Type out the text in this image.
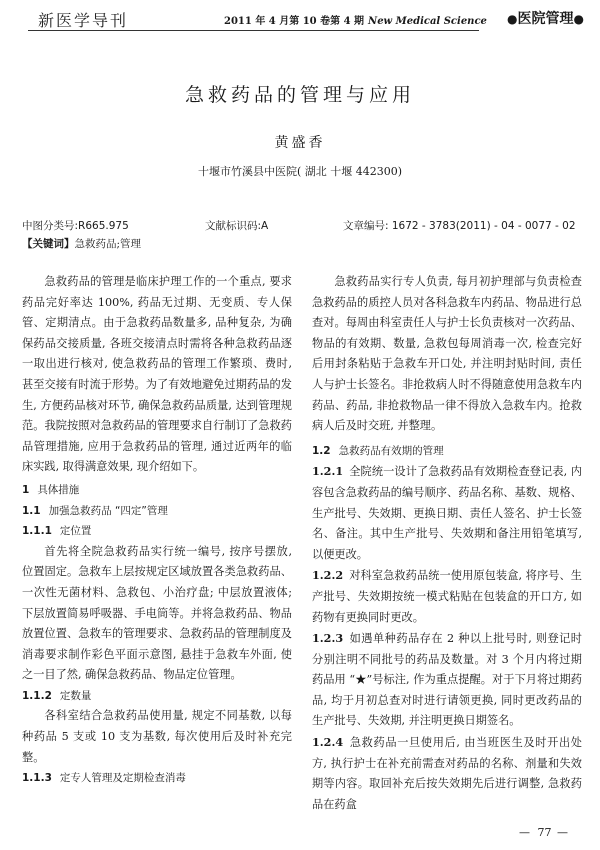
新医学导刊	2011 年 4 月第 10 卷第 4 期 New Medical Science ●医院管理●
急救药品的管理与应用
黄盛香
十堰市竹溪县中医院( 湖北 十堰 442300)
中图分类号:R665.975	文献标识码:A	文章编号: 1672 - 3783(2011) - 04 - 0077 - 02
【关键词】急救药品;管理

急救药品的管理是临床护理工作的一个重点, 要求药品完好率达 100%, 药品无过期、无变质、专人保管、定期清点。由于急救药品数量多, 品种复杂, 为确保药品交接质量, 各班交接清点时需将各种急救药品逐一取出进行核对, 使急救药品的管理工作繁琐、费时, 甚至交接有时流于形势。为了有效地避免过期药品的发生, 方便药品核对环节, 确保急救药品质量, 达到管理规范。我院按照对急救药品的管理要求自行制订了急救药品管理措施, 应用于急救药品的管理, 通过近两年的临床实践, 取得满意效果, 现介绍如下。

1 具体措施
1.1 加强急救药品 “四定”管理
1.1.1 定位置

首先将全院急救药品实行统一编号, 按序号摆放, 位置固定。急救车上层按规定区域放置各类急救药品、一次性无菌材料、急救包、小治疗盘; 中层放置液体; 下层放置简易呼吸器、手电筒等。并将急救药品、物品放置位置、急救车的管理要求、急救药品的管理制度及消毒要求制作彩色平面示意图, 悬挂于急救车外面, 使之一目了然, 确保急救药品、物品定位管理。

1.1.2 定数量

各科室结合急救药品使用量, 规定不同基数, 以每种药品 5 支或 10 支为基数, 每次使用后及时补充完整。

1.1.3 定专人管理及定期检查消毒

急救药品实行专人负责, 每月初护理部与负责检查急救药品的质控人员对各科急救车内药品、物品进行总查对。每周由科室责任人与护士长负责核对一次药品、物品的有效期、数量, 急救包每周消毒一次, 检查完好后用封条粘贴于急救车开口处, 并注明封贴时间, 责任人与护士长签名。非抢救病人时不得随意使用急救车内药品、药品, 非抢救物品一律不得放入急救车内。抢救病人后及时交班, 并整理。

1.2 急救药品有效期的管理

1.2.1 全院统一设计了急救药品有效期检查登记表, 内容包含急救药品的编号顺序、药品名称、基数、规格、生产批号、失效期、更换日期、责任人签名、护士长签名、备注。其中生产批号、失效期和备注用铅笔填写, 以便更改。

1.2.2 对科室急救药品统一使用原包装盒, 将序号、生产批号、失效期按统一模式粘贴在包装盒的开口方, 如药物有更换同时更改。

1.2.3 如遇单种药品存在 2 种以上批号时, 则登记时分别注明不同批号的药品及数量。对 3 个月内将过期药品用 “★”号标注, 作为重点提醒。对于下月将过期药品, 均于月初总查对时进行请领更换, 同时更改药品的生产批号、失效期, 并注明更换日期签名。

1.2.4 急救药品一旦使用后, 由当班医生及时开出处方, 执行护士在补充前需查对药品的名称、剂量和失效期等内容。取回补充后按失效期先后进行调整, 急救药品在药盒

— 77 —
